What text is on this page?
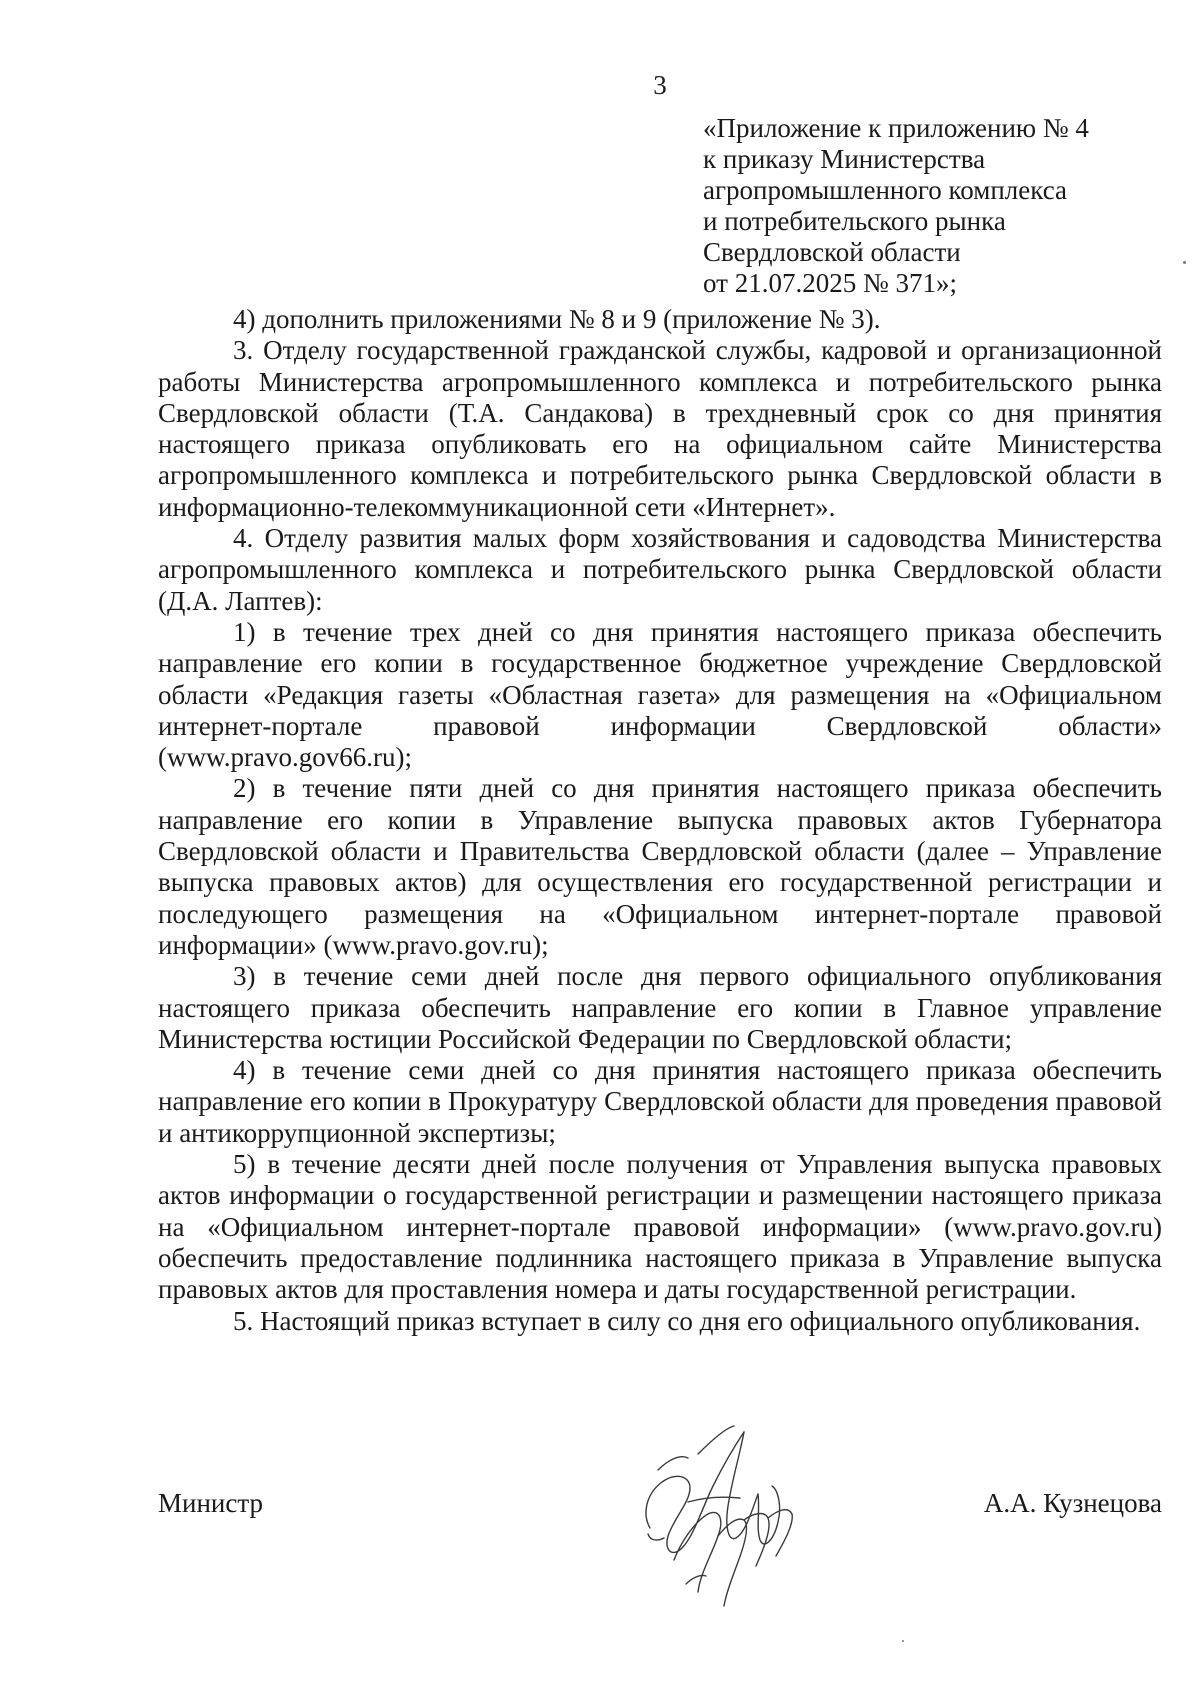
3
«Приложение к приложению № 4
к приказу Министерства
агропромышленного комплекса
и потребительского рынка
Свердловской области
от 21.07.2025 № 371»;

4) дополнить приложениями № 8 и 9 (приложение № 3).

3. Отделу государственной гражданской службы, кадровой и организационной работы Министерства агропромышленного комплекса и потребительского рынка Свердловской области (Т.А. Сандакова) в трехдневный срок со дня принятия настоящего приказа опубликовать его на официальном сайте Министерства агропромышленного комплекса и потребительского рынка Свердловской области в информационно-телекоммуникационной сети «Интернет».

4. Отделу развития малых форм хозяйствования и садоводства Министерства агропромышленного комплекса и потребительского рынка Свердловской области (Д.А. Лаптев):

1) в течение трех дней со дня принятия настоящего приказа обеспечить направление его копии в государственное бюджетное учреждение Свердловской области «Редакция газеты «Областная газета» для размещения на «Официальном интернет-портале правовой информации Свердловской области» (www.pravo.gov66.ru);

2) в течение пяти дней со дня принятия настоящего приказа обеспечить направление его копии в Управление выпуска правовых актов Губернатора Свердловской области и Правительства Свердловской области (далее – Управление выпуска правовых актов) для осуществления его государственной регистрации и последующего размещения на «Официальном интернет-портале правовой информации» (www.pravo.gov.ru);

3) в течение семи дней после дня первого официального опубликования настоящего приказа обеспечить направление его копии в Главное управление Министерства юстиции Российской Федерации по Свердловской области;

4) в течение семи дней со дня принятия настоящего приказа обеспечить направление его копии в Прокуратуру Свердловской области для проведения правовой и антикоррупционной экспертизы;

5) в течение десяти дней после получения от Управления выпуска правовых актов информации о государственной регистрации и размещении настоящего приказа на «Официальном интернет-портале правовой информации» (www.pravo.gov.ru) обеспечить предоставление подлинника настоящего приказа в Управление выпуска правовых актов для проставления номера и даты государственной регистрации.

5. Настоящий приказ вступает в силу со дня его официального опубликования.

Министр	А.А. Кузнецова
